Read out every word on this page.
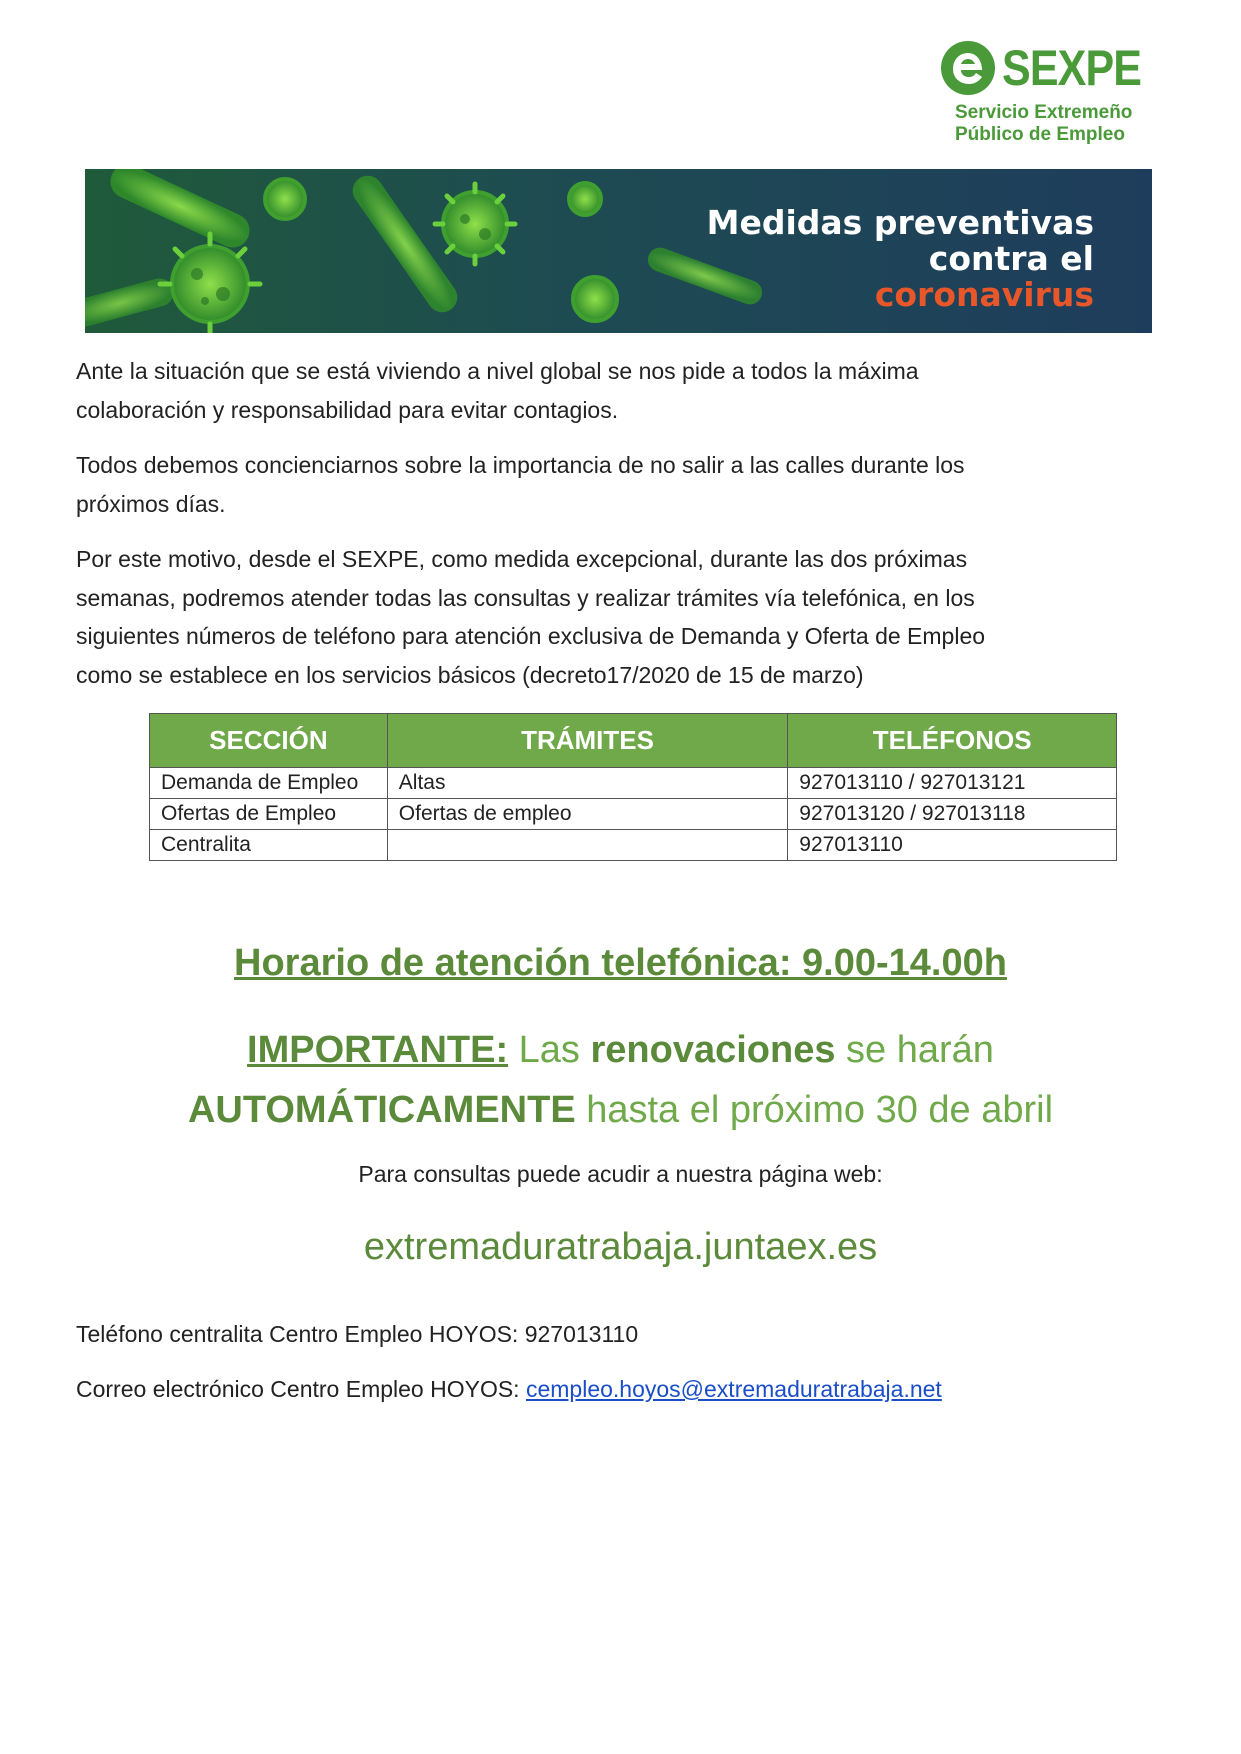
SEXPE
Servicio Extremeño
Público de Empleo
Medidas preventivas
contra el
coronavirus
Ante la situación que se está viviendo a nivel global se nos pide a todos la máxima
colaboración y responsabilidad para evitar contagios.
Todos debemos concienciarnos sobre la importancia de no salir a las calles durante los
próximos días.
Por este motivo, desde el SEXPE, como medida excepcional, durante las dos próximas
semanas, podremos atender todas las consultas y realizar trámites vía telefónica, en los
siguientes números de teléfono para atención exclusiva de Demanda y Oferta de Empleo
como se establece en los servicios básicos (decreto17/2020 de 15 de marzo)
SECCIÓN	TRÁMITES	TELÉFONOS
Demanda de Empleo	Altas	927013110 / 927013121
Ofertas de Empleo	Ofertas de empleo	927013120 / 927013118
Centralita		927013110
Horario de atención telefónica: 9.00-14.00h
IMPORTANTE: Las renovaciones se harán
AUTOMÁTICAMENTE hasta el próximo 30 de abril
Para consultas puede acudir a nuestra página web:
extremaduratrabaja.juntaex.es
Teléfono centralita Centro Empleo HOYOS: 927013110
Correo electrónico Centro Empleo HOYOS: cempleo.hoyos@extremaduratrabaja.net
